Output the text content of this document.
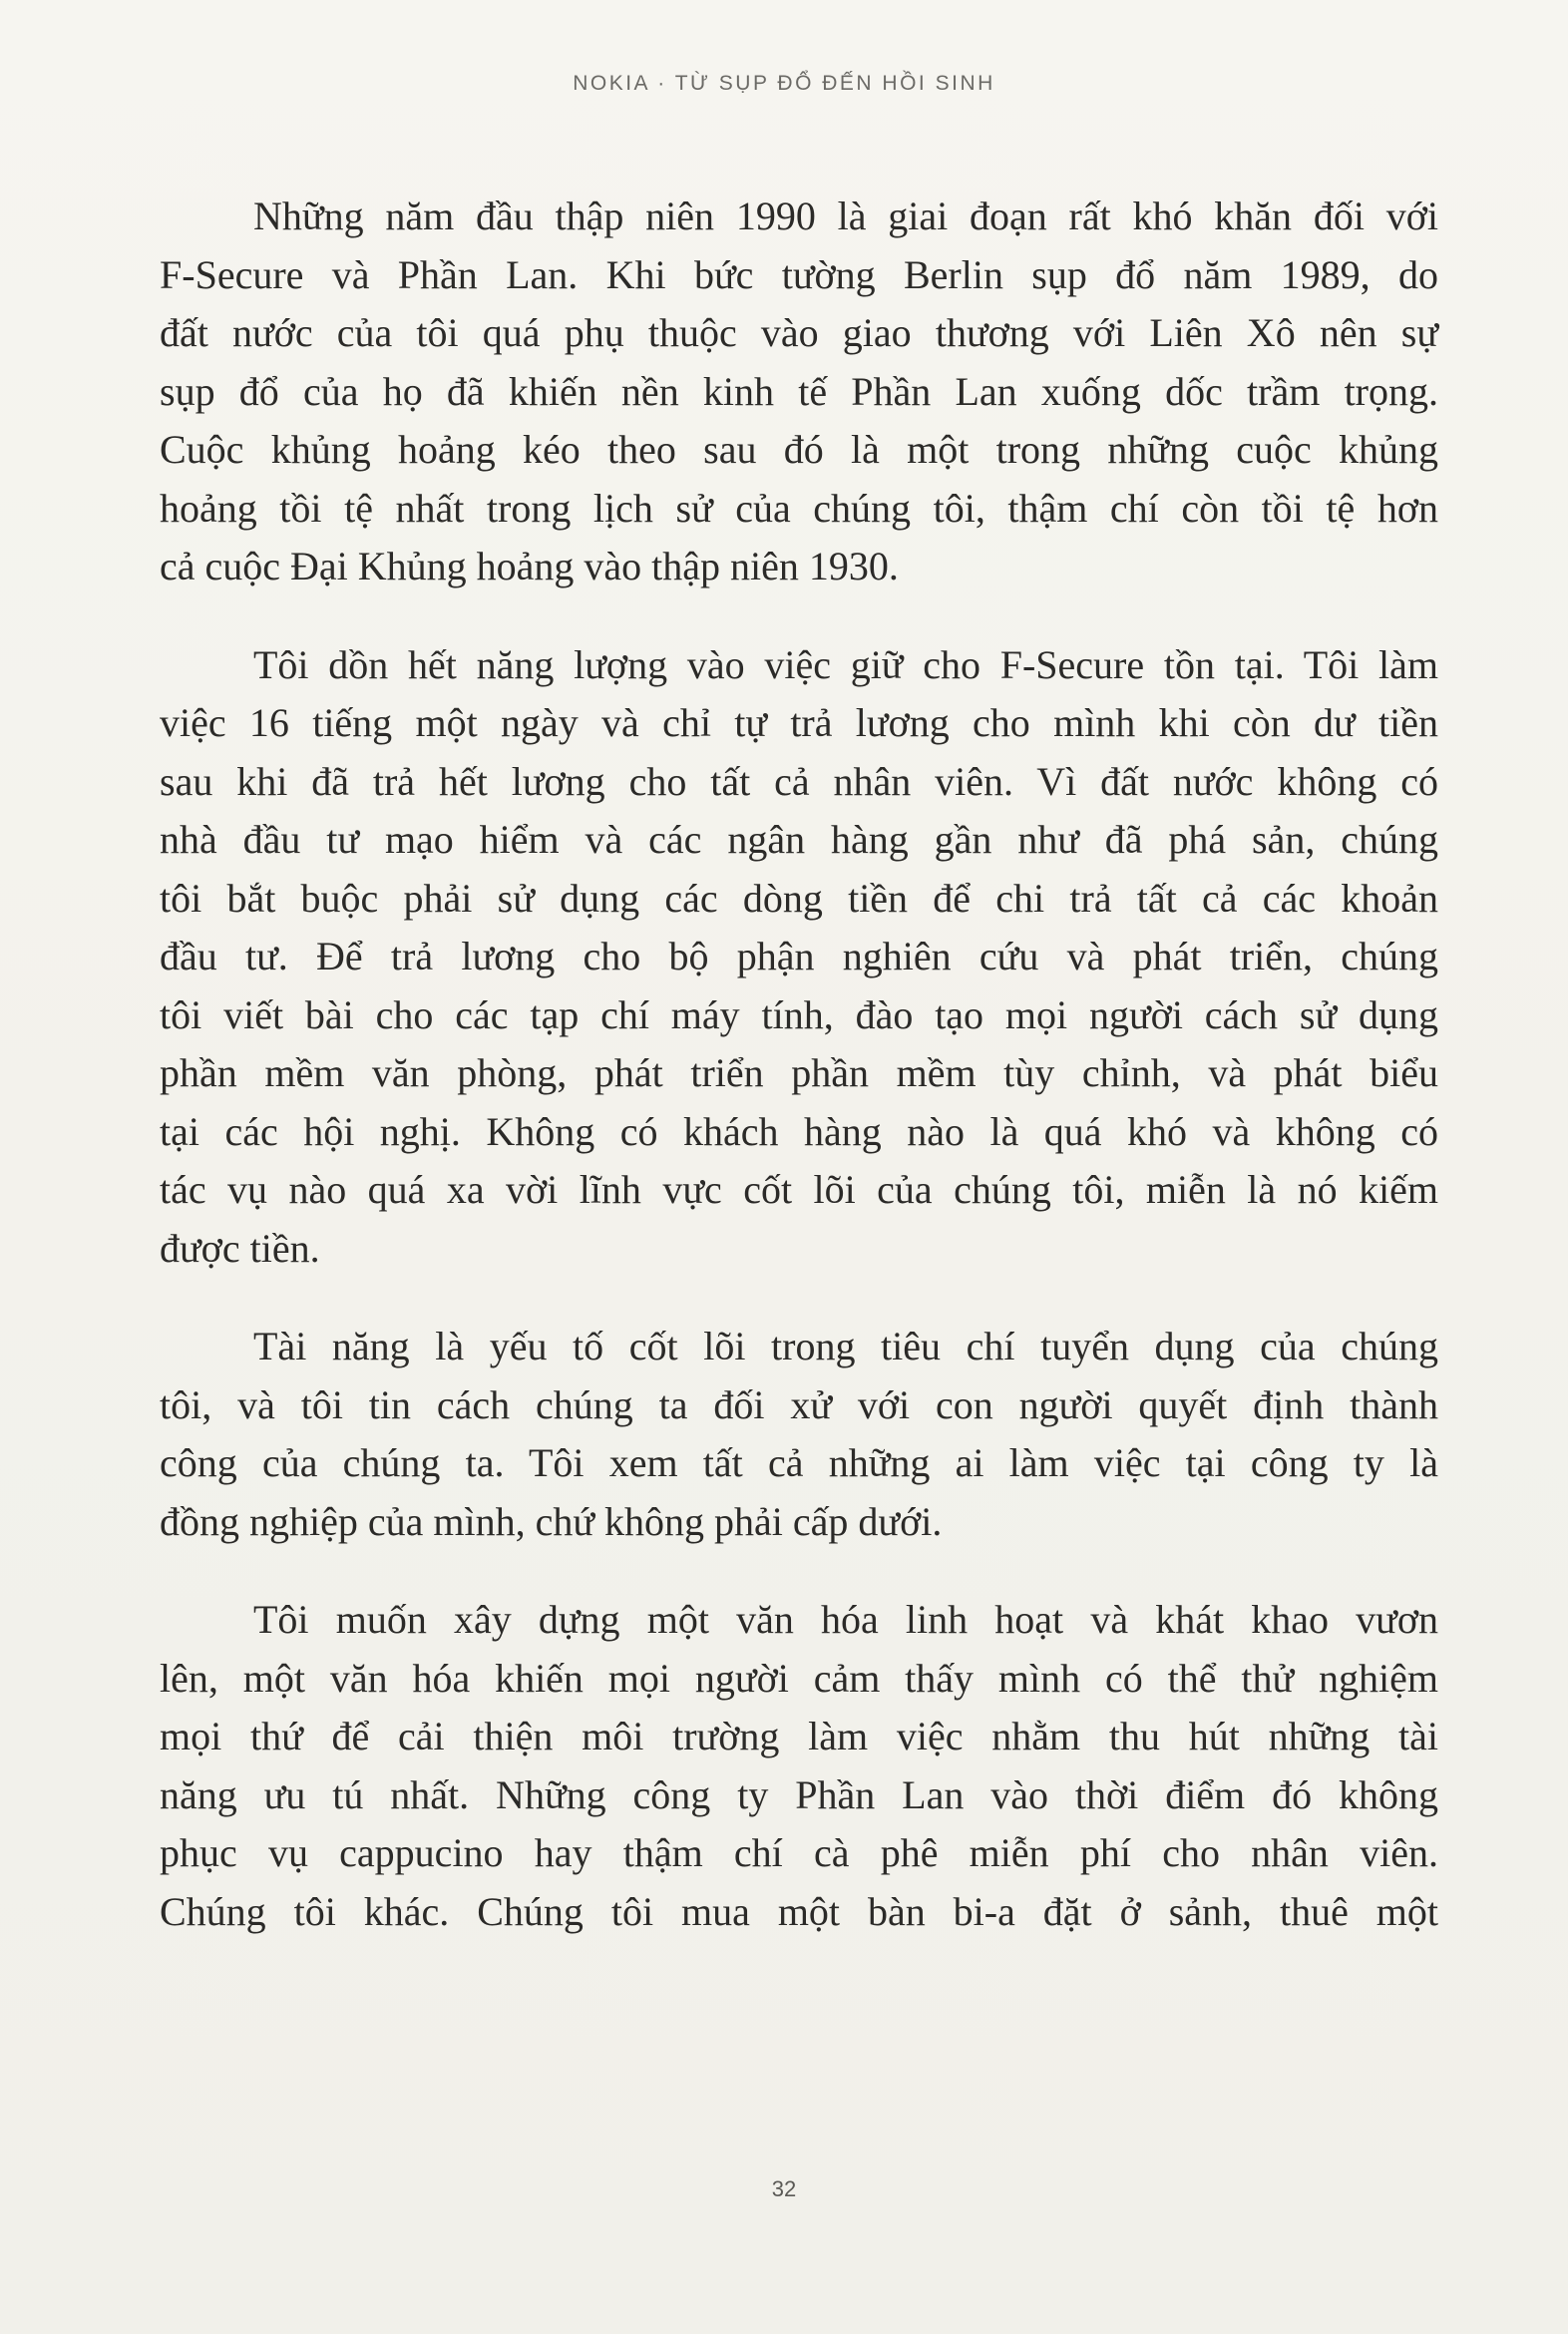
NOKIA · TỪ SỤP ĐỔ ĐẾN HỒI SINH

Những năm đầu thập niên 1990 là giai đoạn rất khó khăn đối với
F-Secure và Phần Lan. Khi bức tường Berlin sụp đổ năm 1989, do
đất nước của tôi quá phụ thuộc vào giao thương với Liên Xô nên sự
sụp đổ của họ đã khiến nền kinh tế Phần Lan xuống dốc trầm trọng.
Cuộc khủng hoảng kéo theo sau đó là một trong những cuộc khủng
hoảng tồi tệ nhất trong lịch sử của chúng tôi, thậm chí còn tồi tệ hơn
cả cuộc Đại Khủng hoảng vào thập niên 1930.

Tôi dồn hết năng lượng vào việc giữ cho F-Secure tồn tại. Tôi làm
việc 16 tiếng một ngày và chỉ tự trả lương cho mình khi còn dư tiền
sau khi đã trả hết lương cho tất cả nhân viên. Vì đất nước không có
nhà đầu tư mạo hiểm và các ngân hàng gần như đã phá sản, chúng
tôi bắt buộc phải sử dụng các dòng tiền để chi trả tất cả các khoản
đầu tư. Để trả lương cho bộ phận nghiên cứu và phát triển, chúng
tôi viết bài cho các tạp chí máy tính, đào tạo mọi người cách sử dụng
phần mềm văn phòng, phát triển phần mềm tùy chỉnh, và phát biểu
tại các hội nghị. Không có khách hàng nào là quá khó và không có
tác vụ nào quá xa vời lĩnh vực cốt lõi của chúng tôi, miễn là nó kiếm
được tiền.

Tài năng là yếu tố cốt lõi trong tiêu chí tuyển dụng của chúng
tôi, và tôi tin cách chúng ta đối xử với con người quyết định thành
công của chúng ta. Tôi xem tất cả những ai làm việc tại công ty là
đồng nghiệp của mình, chứ không phải cấp dưới.

Tôi muốn xây dựng một văn hóa linh hoạt và khát khao vươn
lên, một văn hóa khiến mọi người cảm thấy mình có thể thử nghiệm
mọi thứ để cải thiện môi trường làm việc nhằm thu hút những tài
năng ưu tú nhất. Những công ty Phần Lan vào thời điểm đó không
phục vụ cappucino hay thậm chí cà phê miễn phí cho nhân viên.
Chúng tôi khác. Chúng tôi mua một bàn bi-a đặt ở sảnh, thuê một

32
